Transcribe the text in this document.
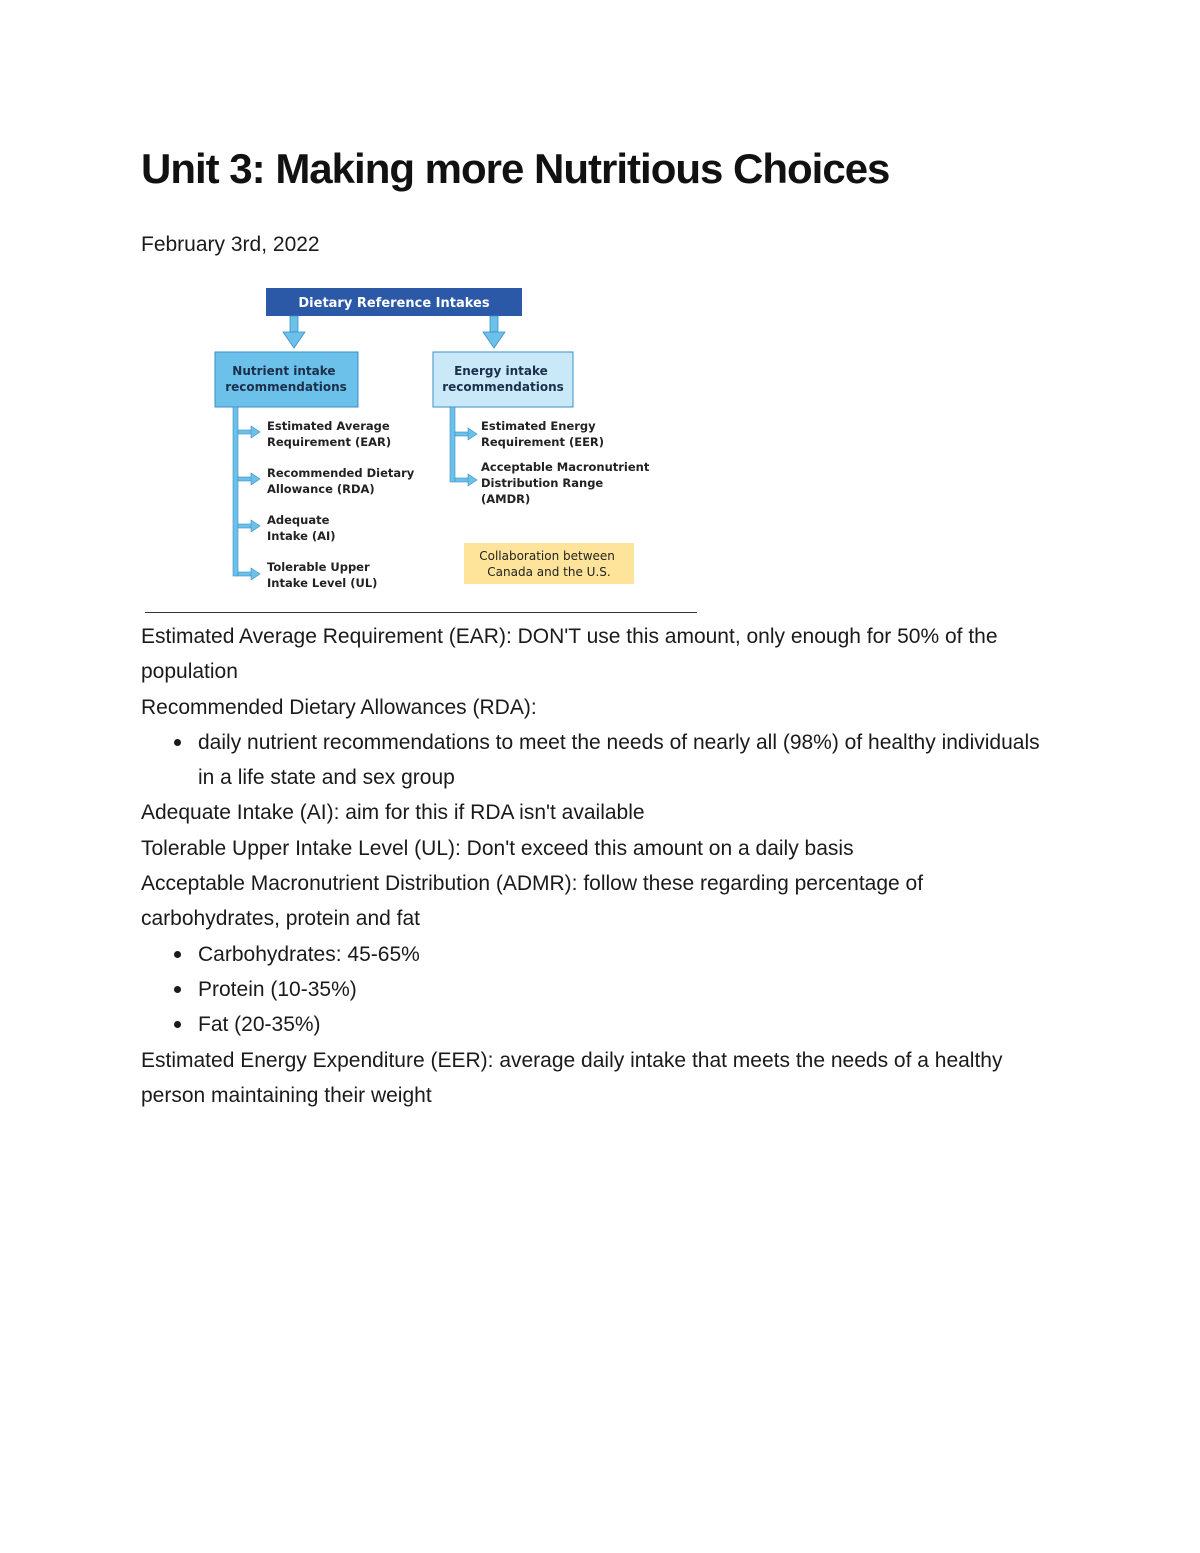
Unit 3: Making more Nutritious Choices
February 3rd, 2022
Dietary Reference Intakes
Nutrient intake recommendations
Energy intake recommendations
Estimated Average Requirement (EAR)
Recommended Dietary Allowance (RDA)
Adequate Intake (AI)
Tolerable Upper Intake Level (UL)
Estimated Energy Requirement (EER)
Acceptable Macronutrient Distribution Range (AMDR)
Collaboration between Canada and the U.S.

Estimated Average Requirement (EAR): DON'T use this amount, only enough for 50% of the population

Recommended Dietary Allowances (RDA):

daily nutrient recommendations to meet the needs of nearly all (98%) of healthy individuals in a life state and sex group

Adequate Intake (AI): aim for this if RDA isn't available

Tolerable Upper Intake Level (UL): Don't exceed this amount on a daily basis

Acceptable Macronutrient Distribution (ADMR): follow these regarding percentage of carbohydrates, protein and fat

Carbohydrates: 45-65%
Protein (10-35%)
Fat (20-35%)

Estimated Energy Expenditure (EER): average daily intake that meets the needs of a healthy person maintaining their weight
